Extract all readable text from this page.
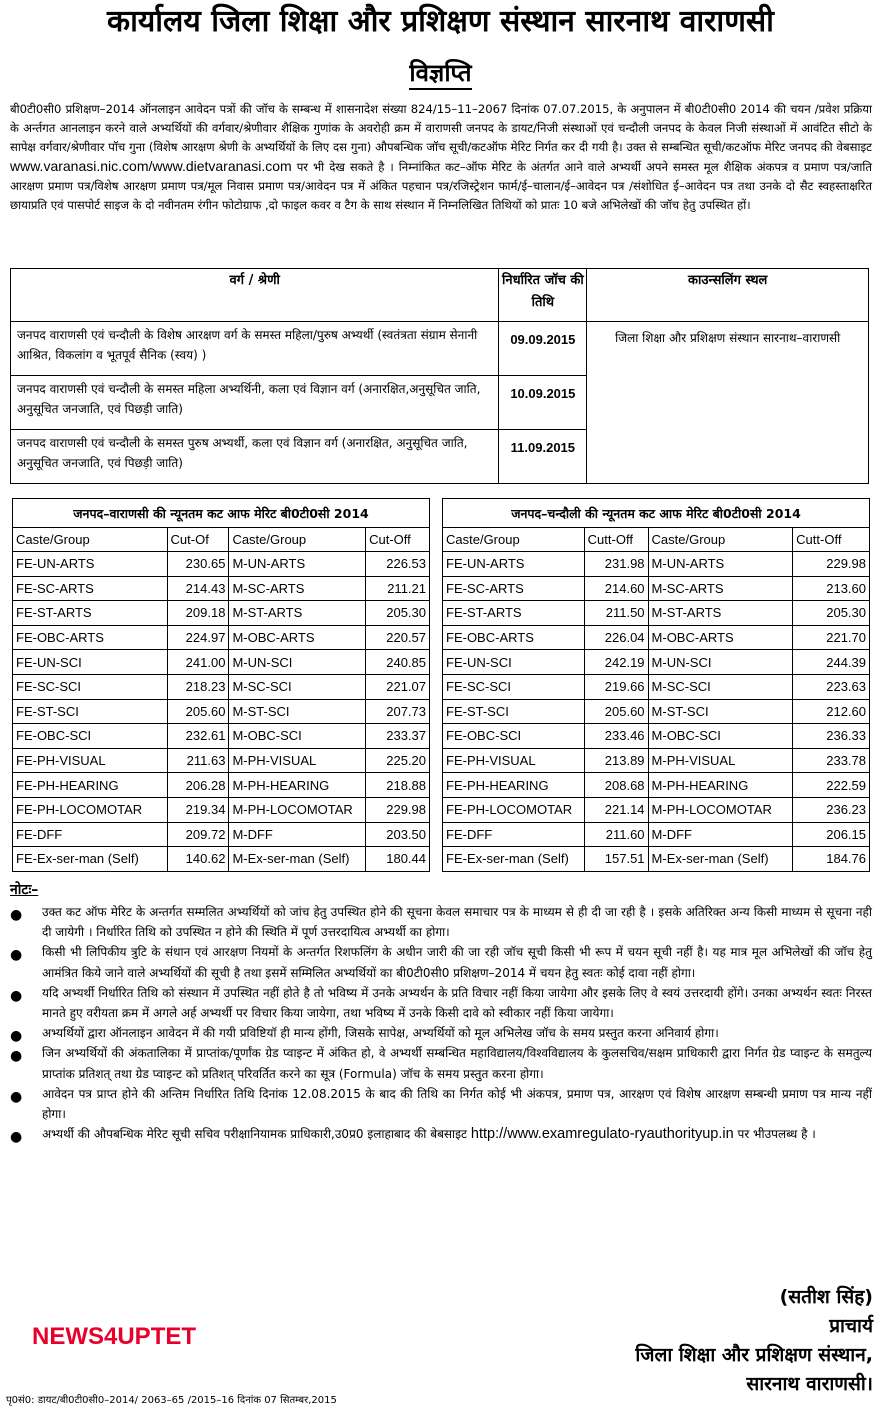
कार्यालय जिला शिक्षा और प्रशिक्षण संस्थान सारनाथ वाराणसी
विज्ञप्ति
बी0टी0सी0 प्रशिक्षण–2014 ऑनलाइन आवेदन पत्रों की जॉच के सम्बन्ध में शासनादेश संख्या 824/15–11–2067 दिनांक 07.07.2015, के अनुपालन में बी0टी0सी0 2014 की चयन /प्रवेश प्रक्रिया के अर्न्तगत आनलाइन करने वाले अभ्यर्थियों की वर्गवार/श्रेणीवार शैक्षिक गुणांक के अवरोही क्रम में वाराणसी जनपद के डायट/निजी संस्थाओं एवं चन्दौली जनपद के केवल निजी संस्थाओं में आवंटित सीटो के सापेक्ष वर्गवार/श्रेणीवार पॉच गुना (विशेष आरक्षण श्रेणी के अभ्यर्थियों के लिए दस गुना) औपबन्धिक जॉच सूची/कटऑफ मेरिट निर्गत कर दी गयी है। उक्त से सम्बन्धित सूची/कटऑफ मेरिट जनपद की वेबसाइट www.varanasi.nic.com/www.dietvaranasi.com पर भी देख सकते है । निम्नांकित कट–ऑफ मेरिट के अंतर्गत आने वाले अभ्यर्थी अपने समस्त मूल शैक्षिक अंकपत्र व प्रमाण पत्र/जाति आरक्षण प्रमाण पत्र/विशेष आरक्षण प्रमाण पत्र/मूल निवास प्रमाण पत्र/आवेदन पत्र में अंकित पहचान पत्र/रजिस्ट्रेशन फार्म/ई–चालान/ई–आवेदन पत्र /संशोधित ई–आवेदन पत्र तथा उनके दो सैट स्वहस्ताक्षरित छायाप्रति एवं पासपोर्ट साइज के दो नवीनतम रंगीन फोटोग्राफ ,दो फाइल कवर व टैग के साथ संस्थान में निम्नलिखित तिथियों को प्रातः 10 बजे अभिलेखों की जॉच हेतु उपस्थित हों।
वर्ग / श्रेणी	निर्धारित जॉच की तिथि	काउन्सलिंग स्थल
जनपद वाराणसी एवं चन्दौली के विशेष आरक्षण वर्ग के समस्त महिला/पुरुष अभ्यर्थी (स्वतंत्रता संग्राम सेनानी आश्रित, विकलांग व भूतपूर्व सैनिक (स्वय) )	09.09.2015	जिला शिक्षा और प्रशिक्षण संस्थान सारनाथ–वाराणसी
जनपद वाराणसी एवं चन्दौली के समस्त महिला अभ्यर्थिनी, कला एवं विज्ञान वर्ग (अनारक्षित,अनुसूचित जाति, अनुसूचित जनजाति, एवं पिछड़ी जाति)	10.09.2015	
जनपद वाराणसी एवं चन्दौली के समस्त पुरुष अभ्यर्थी, कला एवं विज्ञान वर्ग (अनारक्षित, अनुसूचित जाति, अनुसूचित जनजाति, एवं पिछड़ी जाति)	11.09.2015	
जनपद–वाराणसी की न्यूनतम कट आफ मेरिट बी0टी0सी 2014			
Caste/Group	Cut-Of	Caste/Group	Cut-Off
FE-UN-ARTS	230.65	M-UN-ARTS	226.53
FE-SC-ARTS	214.43	M-SC-ARTS	211.21
FE-ST-ARTS	209.18	M-ST-ARTS	205.30
FE-OBC-ARTS	224.97	M-OBC-ARTS	220.57
FE-UN-SCI	241.00	M-UN-SCI	240.85
FE-SC-SCI	218.23	M-SC-SCI	221.07
FE-ST-SCI	205.60	M-ST-SCI	207.73
FE-OBC-SCI	232.61	M-OBC-SCI	233.37
FE-PH-VISUAL	211.63	M-PH-VISUAL	225.20
FE-PH-HEARING	206.28	M-PH-HEARING	218.88
FE-PH-LOCOMOTAR	219.34	M-PH-LOCOMOTAR	229.98
FE-DFF	209.72	M-DFF	203.50
FE-Ex-ser-man (Self)	140.62	M-Ex-ser-man (Self)	180.44
जनपद–चन्दौली की न्यूनतम कट आफ मेरिट बी0टी0सी 2014			
Caste/Group	Cutt-Off	Caste/Group	Cutt-Off
FE-UN-ARTS	231.98	M-UN-ARTS	229.98
FE-SC-ARTS	214.60	M-SC-ARTS	213.60
FE-ST-ARTS	211.50	M-ST-ARTS	205.30
FE-OBC-ARTS	226.04	M-OBC-ARTS	221.70
FE-UN-SCI	242.19	M-UN-SCI	244.39
FE-SC-SCI	219.66	M-SC-SCI	223.63
FE-ST-SCI	205.60	M-ST-SCI	212.60
FE-OBC-SCI	233.46	M-OBC-SCI	236.33
FE-PH-VISUAL	213.89	M-PH-VISUAL	233.78
FE-PH-HEARING	208.68	M-PH-HEARING	222.59
FE-PH-LOCOMOTAR	221.14	M-PH-LOCOMOTAR	236.23
FE-DFF	211.60	M-DFF	206.15
FE-Ex-ser-man (Self)	157.51	M-Ex-ser-man (Self)	184.76
नोटः–
● उक्त कट ऑफ मेरिट के अन्तर्गत सम्मलित अभ्यर्थियों को जांच हेतु उपस्थित होने की सूचना केवल समाचार पत्र के माध्यम से ही दी जा रही है । इसके अतिरिक्त अन्य किसी माध्यम से सूचना नही दी जायेगी । निर्धारित तिथि को उपस्थित न होने की स्थिति में पूर्ण उत्तरदायित्व अभ्यर्थी का होगा।
● किसी भी लिपिकीय त्रुटि के संधान एवं आरक्षण नियमों के अन्तर्गत रिशफलिंग के अधीन जारी की जा रही जॉच सूची किसी भी रूप में चयन सूची नहीं है। यह मात्र मूल अभिलेखों की जॉच हेतु आमंत्रित किये जाने वाले अभ्यर्थियों की सूची है तथा इसमें सम्मिलित अभ्यर्थियों का बी0टी0सी0 प्रशिक्षण–2014 में चयन हेतु स्वतः कोई दावा नहीं होगा।
● यदि अभ्यर्थी निर्धारित तिथि को संस्थान में उपस्थित नहीं होते है तो भविष्य में उनके अभ्यर्थन के प्रति विचार नहीं किया जायेगा और इसके लिए वे स्वयं उत्तरदायी होंगे। उनका अभ्यर्थन स्वतः निरस्त मानते हुए वरीयता क्रम में अगले अर्ह अभ्यर्थी पर विचार किया जायेगा, तथा भविष्य में उनके किसी दावे को स्वीकार नहीं किया जायेगा।
● अभ्यर्थियों द्वारा ऑनलाइन आवेदन में की गयी प्रविष्टियॉ ही मान्य होंगी, जिसके सापेक्ष, अभ्यर्थियों को मूल अभिलेख जॉच के समय प्रस्तुत करना अनिवार्य होगा।
● जिन अभ्यर्थियों की अंकतालिका में प्राप्तांक/पूर्णांक ग्रेड प्वाइन्ट में अंकित हो, वे अभ्यर्थी सम्बन्धित महाविद्यालय/विश्वविद्यालय के कुलसचिव/सक्षम प्राधिकारी द्वारा निर्गत ग्रेड प्वाइन्ट के समतुल्य प्राप्तांक प्रतिशत् तथा ग्रेड प्वाइन्ट को प्रतिशत् परिवर्तित करने का सूत्र (Formula) जॉच के समय प्रस्तुत करना होगा।
● आवेदन पत्र प्राप्त होने की अन्तिम निर्धारित तिथि दिनांक 12.08.2015 के बाद की तिथि का निर्गत कोई भी अंकपत्र, प्रमाण पत्र, आरक्षण एवं विशेष आरक्षण सम्बन्धी प्रमाण पत्र मान्य नहीं होगा।
● अभ्यर्थी की औपबन्धिक मेरिट सूची सचिव परीक्षानियामक प्राधिकारी,उ0प्र0 इलाहाबाद की बेबसाइट http://www.examregulato-ryauthorityup.in पर भीउपलब्ध है ।
(सतीश सिंह)
प्राचार्य
जिला शिक्षा और प्रशिक्षण संस्थान,
सारनाथ वाराणसी।
NEWS4UPTET
पृ0सं0: डायट/बी0टी0सी0–2014/ 2063–65 /2015–16 दिनांक 07 सितम्बर,2015
